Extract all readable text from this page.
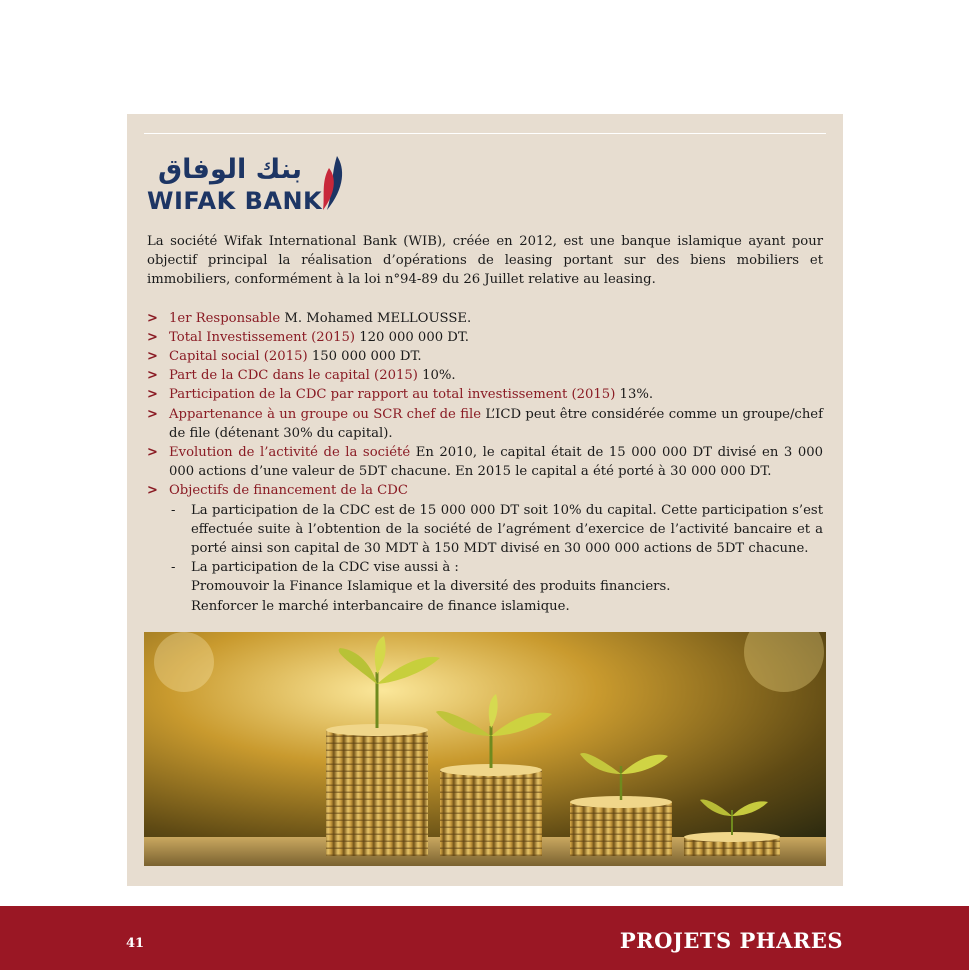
بنك الوفاق
WIFAK BANK

La société Wifak International Bank (WIB), créée en 2012, est une banque islamique ayant pour objectif principal la réalisation d’opérations de leasing portant sur des biens mobiliers et immobiliers, conformément à la loi n°94-89 du 26 Juillet relative au leasing.

> 1er Responsable M. Mohamed MELLOUSSE.
> Total Investissement (2015) 120 000 000 DT.
> Capital social (2015) 150 000 000 DT.
> Part de la CDC dans le capital (2015) 10%.
> Participation de la CDC par rapport au total investissement (2015) 13%.
> Appartenance à un groupe ou SCR chef de file L’ICD peut être considérée comme un groupe/chef de file (détenant 30% du capital).
> Evolution de l’activité de la société En 2010, le capital était de 15 000 000 DT divisé en 3 000 000 actions d’une valeur de 5DT chacune. En 2015 le capital a été porté à 30 000 000 DT.
> Objectifs de financement de la CDC
- La participation de la CDC est de 15 000 000 DT soit 10% du capital. Cette participation s’est effectuée suite à l’obtention de la société de l’agrément d’exercice de l’activité bancaire et a porté ainsi son capital de 30 MDT à 150 MDT divisé en 30 000 000 actions de 5DT chacune.
- La participation de la CDC vise aussi à :
Promouvoir la Finance Islamique et la diversité des produits financiers.
Renforcer le marché interbancaire de finance islamique.
41	PROJETS PHARES
